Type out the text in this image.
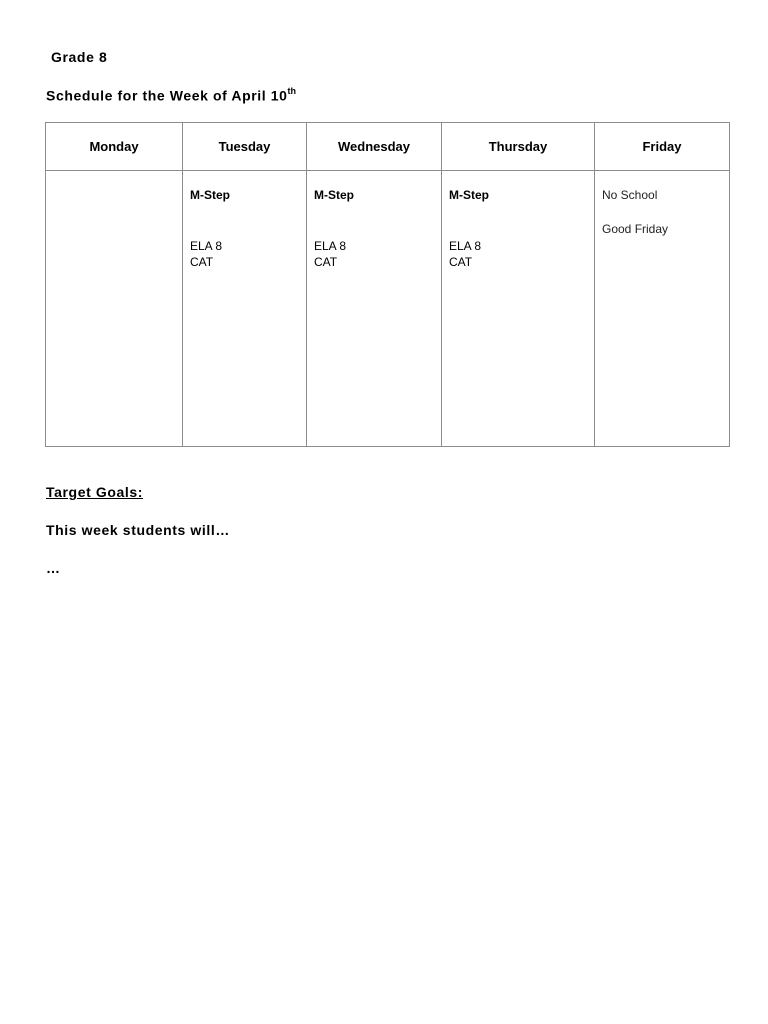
Grade 8
Schedule for the Week of April 10th
Monday	Tuesday	Wednesday	Thursday	Friday

	M-Step
ELA 8
CAT	M-Step
ELA 8
CAT	M-Step
ELA 8
CAT	No School
Good Friday
Target Goals:
This week students will…
…
